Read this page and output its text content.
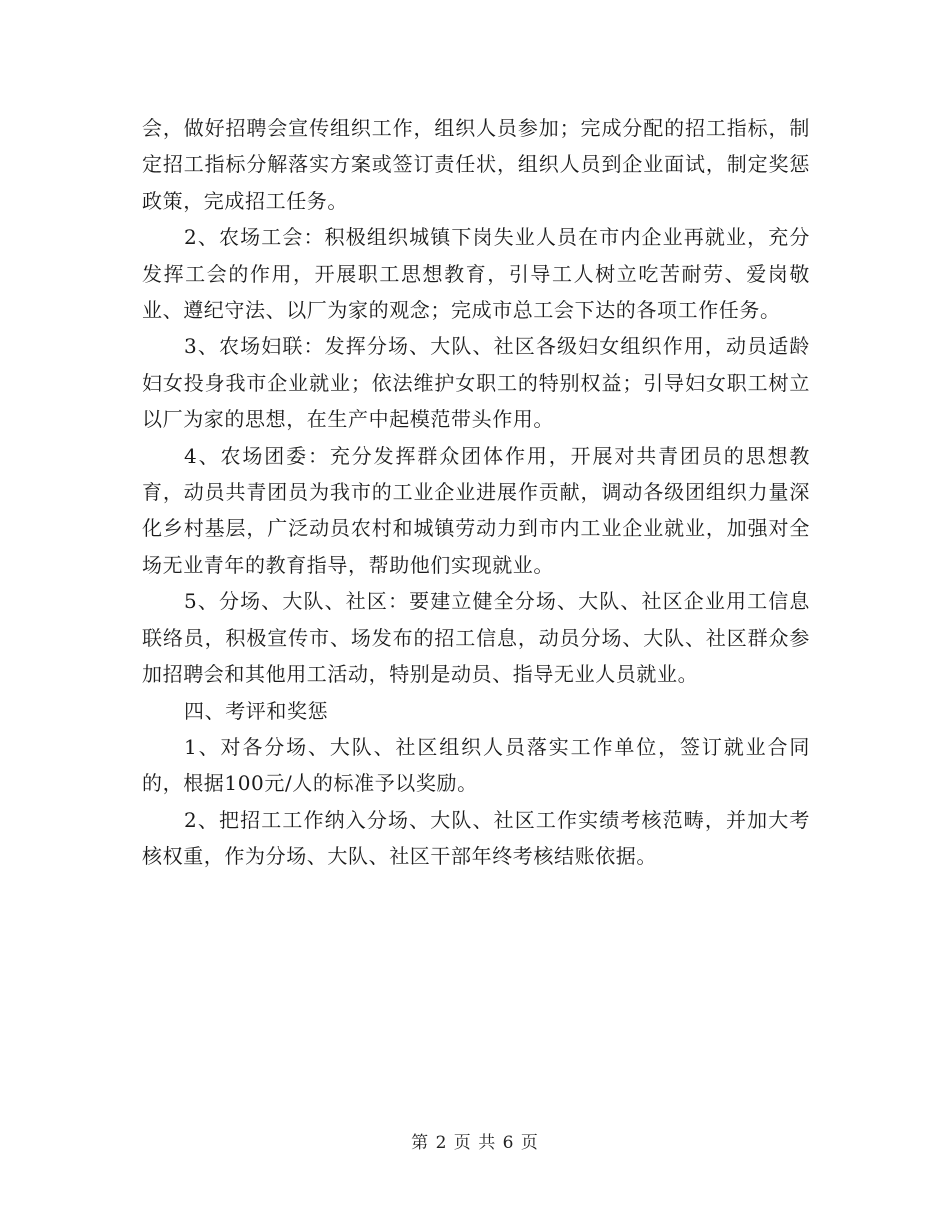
会，做好招聘会宣传组织工作，组织人员参加；完成分配的招工指标，制定招工指标分解落实方案或签订责任状，组织人员到企业面试，制定奖惩政策，完成招工任务。

2、农场工会：积极组织城镇下岗失业人员在市内企业再就业，充分发挥工会的作用，开展职工思想教育，引导工人树立吃苦耐劳、爱岗敬业、遵纪守法、以厂为家的观念；完成市总工会下达的各项工作任务。

3、农场妇联：发挥分场、大队、社区各级妇女组织作用，动员适龄妇女投身我市企业就业；依法维护女职工的特别权益；引导妇女职工树立以厂为家的思想，在生产中起模范带头作用。

4、农场团委：充分发挥群众团体作用，开展对共青团员的思想教育，动员共青团员为我市的工业企业进展作贡献，调动各级团组织力量深化乡村基层，广泛动员农村和城镇劳动力到市内工业企业就业，加强对全场无业青年的教育指导，帮助他们实现就业。

5、分场、大队、社区：要建立健全分场、大队、社区企业用工信息联络员，积极宣传市、场发布的招工信息，动员分场、大队、社区群众参加招聘会和其他用工活动，特别是动员、指导无业人员就业。

四、考评和奖惩

1、对各分场、大队、社区组织人员落实工作单位，签订就业合同的，根据100元/人的标准予以奖励。

2、把招工工作纳入分场、大队、社区工作实绩考核范畴，并加大考核权重，作为分场、大队、社区干部年终考核结账依据。

第 2 页 共 6 页
